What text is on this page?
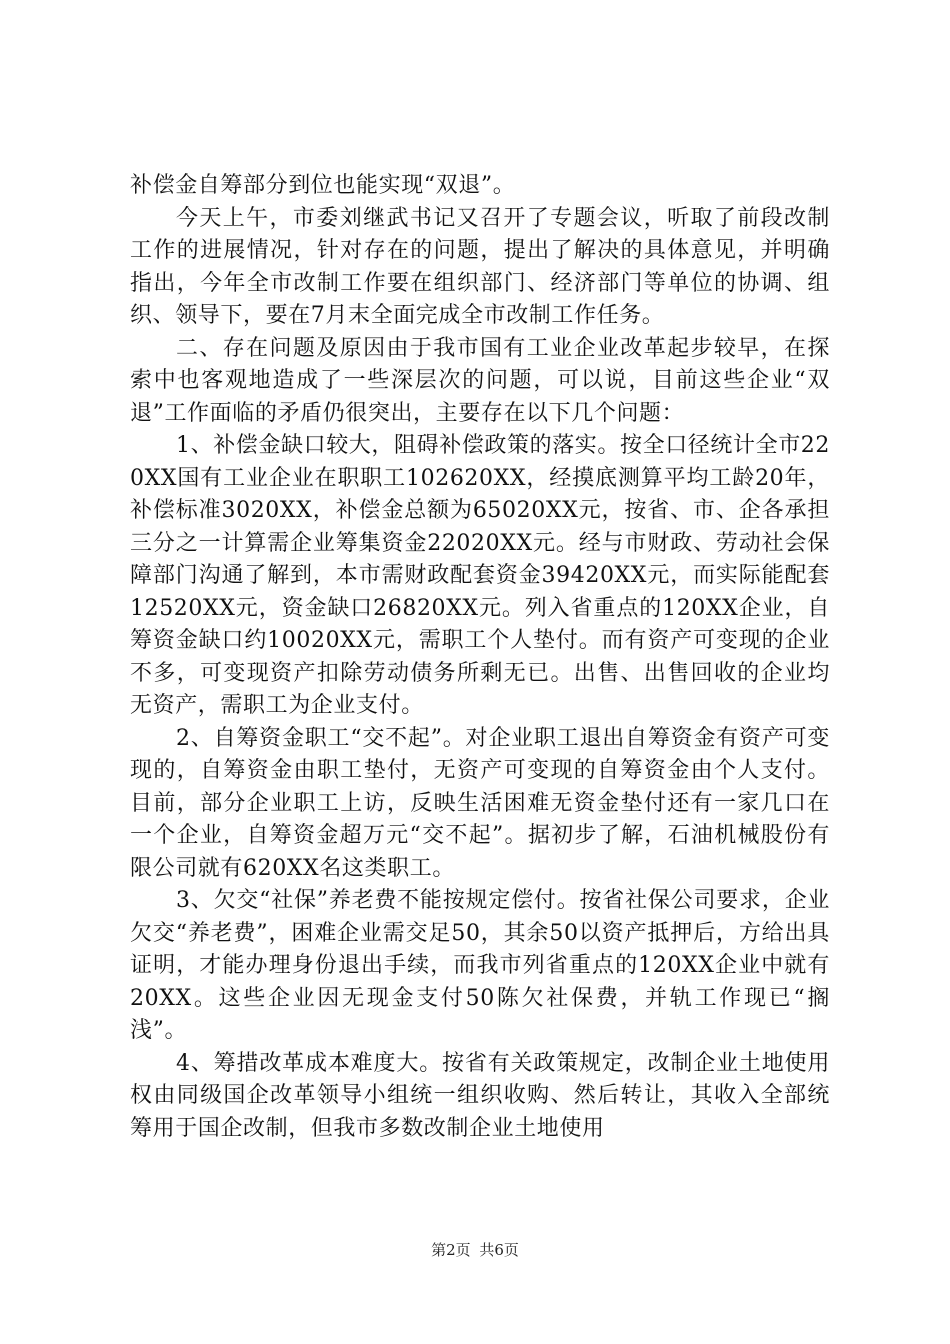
补偿金自筹部分到位也能实现“双退”。

今天上午，市委刘继武书记又召开了专题会议，听取了前段改制工作的进展情况，针对存在的问题，提出了解决的具体意见，并明确指出，今年全市改制工作要在组织部门、经济部门等单位的协调、组织、领导下，要在7月末全面完成全市改制工作任务。

二、存在问题及原因由于我市国有工业企业改革起步较早，在探索中也客观地造成了一些深层次的问题，可以说，目前这些企业“双退”工作面临的矛盾仍很突出，主要存在以下几个问题：

1、补偿金缺口较大，阻碍补偿政策的落实。按全口径统计全市220XX国有工业企业在职职工102620XX，经摸底测算平均工龄20年，补偿标准3020XX，补偿金总额为65020XX元，按省、市、企各承担三分之一计算需企业筹集资金22020XX元。经与市财政、劳动社会保障部门沟通了解到，本市需财政配套资金39420XX元，而实际能配套12520XX元，资金缺口26820XX元。列入省重点的120XX企业，自筹资金缺口约10020XX元，需职工个人垫付。而有资产可变现的企业不多，可变现资产扣除劳动债务所剩无已。出售、出售回收的企业均无资产，需职工为企业支付。

2、自筹资金职工“交不起”。对企业职工退出自筹资金有资产可变现的，自筹资金由职工垫付，无资产可变现的自筹资金由个人支付。目前，部分企业职工上访，反映生活困难无资金垫付还有一家几口在一个企业，自筹资金超万元“交不起”。据初步了解，石油机械股份有限公司就有620XX名这类职工。

3、欠交“社保”养老费不能按规定偿付。按省社保公司要求，企业欠交“养老费”，困难企业需交足50，其余50以资产抵押后，方给出具证明，才能办理身份退出手续，而我市列省重点的120XX企业中就有20XX。这些企业因无现金支付50陈欠社保费，并轨工作现已“搁浅”。

4、筹措改革成本难度大。按省有关政策规定，改制企业土地使用权由同级国企改革领导小组统一组织收购、然后转让，其收入全部统筹用于国企改制，但我市多数改制企业土地使用

第2页 共6页
